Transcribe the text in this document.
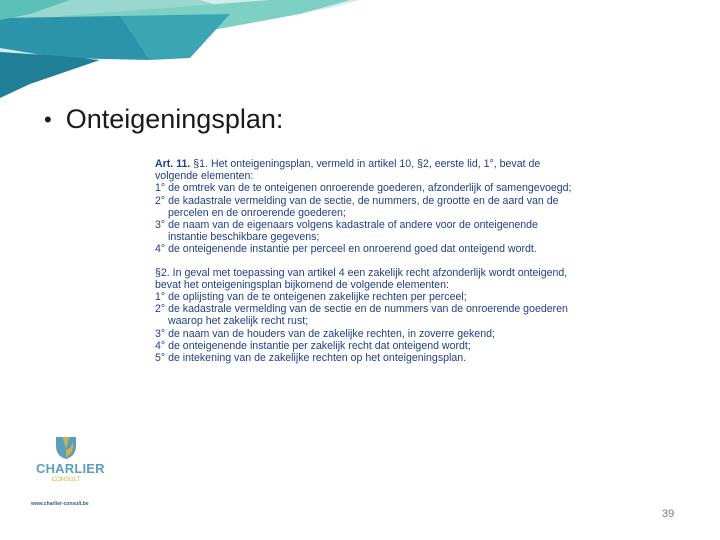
• Onteigeningsplan:

Art. 11. §1. Het onteigeningsplan, vermeld in artikel 10, §2, eerste lid, 1°, bevat de volgende elementen:

1° de omtrek van de te onteigenen onroerende goederen, afzonderlijk of samengevoegd;

2° de kadastrale vermelding van de sectie, de nummers, de grootte en de aard van de percelen en de onroerende goederen;

3° de naam van de eigenaars volgens kadastrale of andere voor de onteigenende instantie beschikbare gegevens;

4° de onteigenende instantie per perceel en onroerend goed dat onteigend wordt.

§2. In geval met toepassing van artikel 4 een zakelijk recht afzonderlijk wordt onteigend, bevat het onteigeningsplan bijkomend de volgende elementen:

1° de oplijsting van de te onteigenen zakelijke rechten per perceel;

2° de kadastrale vermelding van de sectie en de nummers van de onroerende goederen waarop het zakelijk recht rust;

3° de naam van de houders van de zakelijke rechten, in zoverre gekend;

4° de onteigenende instantie per zakelijk recht dat onteigend wordt;

5° de intekening van de zakelijke rechten op het onteigeningsplan.

CHARLIER
CONSULT
www.charlier-consult.be
39
